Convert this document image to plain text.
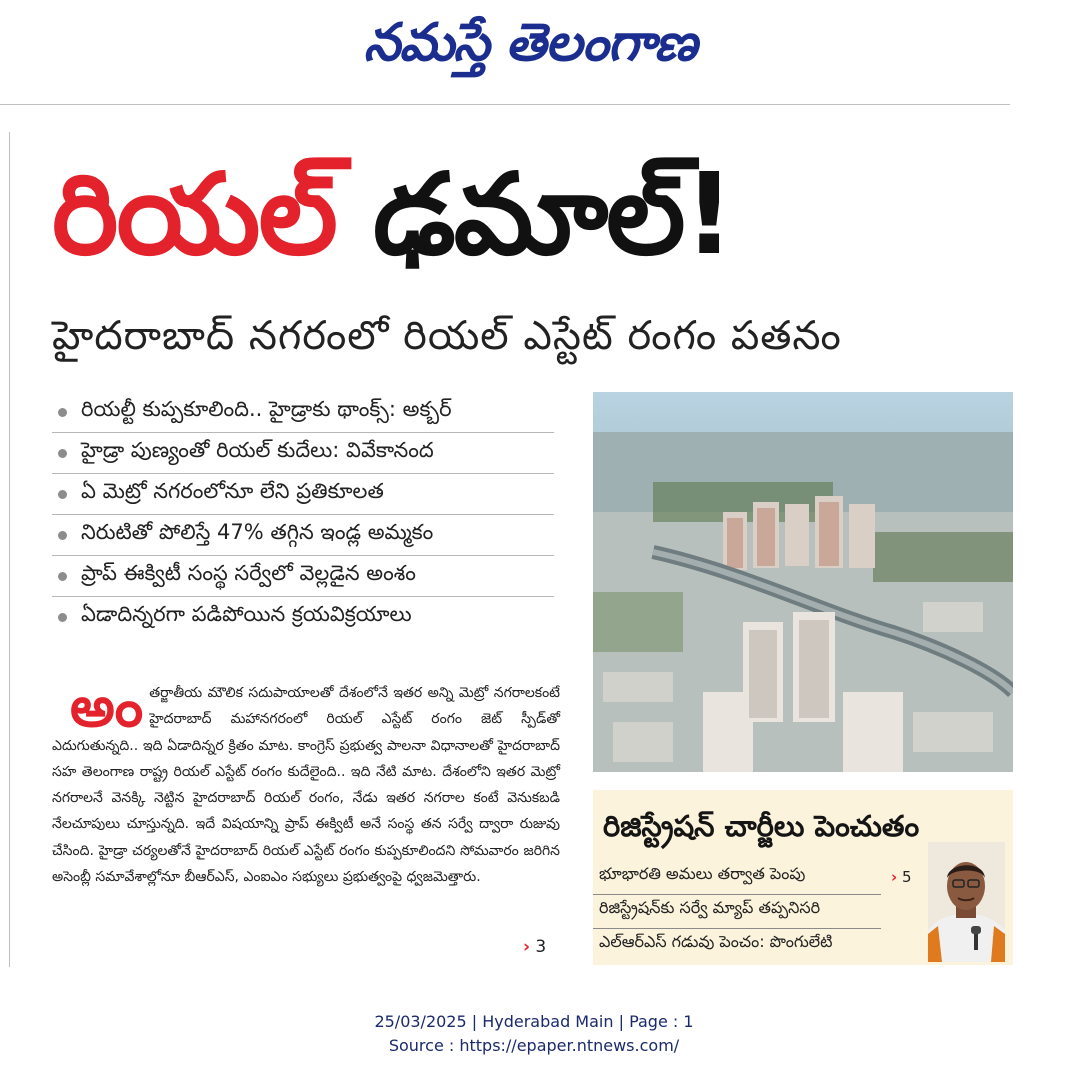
నమస్తే తెలంగాణ
రియల్ ఢమాల్!
హైదరాబాద్ నగరంలో రియల్ ఎస్టేట్ రంగం పతనం
రియల్టీ కుప్పకూలింది.. హైడ్రాకు థాంక్స్: అక్బర్
హైడ్రా పుణ్యంతో రియల్ కుదేలు: వివేకానంద
ఏ మెట్రో నగరంలోనూ లేని ప్రతికూలత
నిరుటితో పోలిస్తే 47% తగ్గిన ఇండ్ల అమ్మకం
ప్రాప్ ఈక్విటీ సంస్థ సర్వేలో వెల్లడైన అంశం
ఏడాదిన్నరగా పడిపోయిన క్రయవిక్రయాలు
అం తర్జాతీయ మౌలిక సదుపాయాలతో దేశంలోనే ఇతర అన్ని మెట్రో నగరాలకంటే హైదరాబాద్ మహానగరంలో రియల్ ఎస్టేట్ రంగం జెట్ స్పీడ్‌తో ఎదుగుతున్నది.. ఇది ఏడాదిన్నర క్రితం మాట. కాంగ్రెస్ ప్రభుత్వ పాలనా విధానాలతో హైదరాబాద్ సహ తెలంగాణ రాష్ట్ర రియల్ ఎస్టేట్ రంగం కుదేలైంది.. ఇది నేటి మాట. దేశంలోని ఇతర మెట్రో నగరాలనే వెనక్కి నెట్టిన హైదరాబాద్ రియల్ రంగం, నేడు ఇతర నగరాల కంటే వెనుకబడి నేలచూపులు చూస్తున్నది. ఇదే విషయాన్ని ప్రాప్ ఈక్విటీ అనే సంస్థ తన సర్వే ద్వారా రుజువు చేసింది. హైడ్రా చర్యలతోనే హైదరాబాద్ రియల్ ఎస్టేట్ రంగం కుప్పకూలిందని సోమవారం జరిగిన అసెంబ్లీ సమావేశాల్లోనూ బీఆర్ఎస్, ఎంఐఎం సభ్యులు ప్రభుత్వంపై ధ్వజమెత్తారు.
› 3
రిజిస్ట్రేషన్ చార్జీలు పెంచుతం
భూభారతి అమలు తర్వాత పెంపు
రిజిస్ట్రేషన్‌కు సర్వే మ్యాప్ తప్పనిసరి
ఎల్ఆర్ఎస్ గడువు పెంచం: పొంగులేటి
› 5
25/03/2025 | Hyderabad Main | Page : 1
Source : https://epaper.ntnews.com/
